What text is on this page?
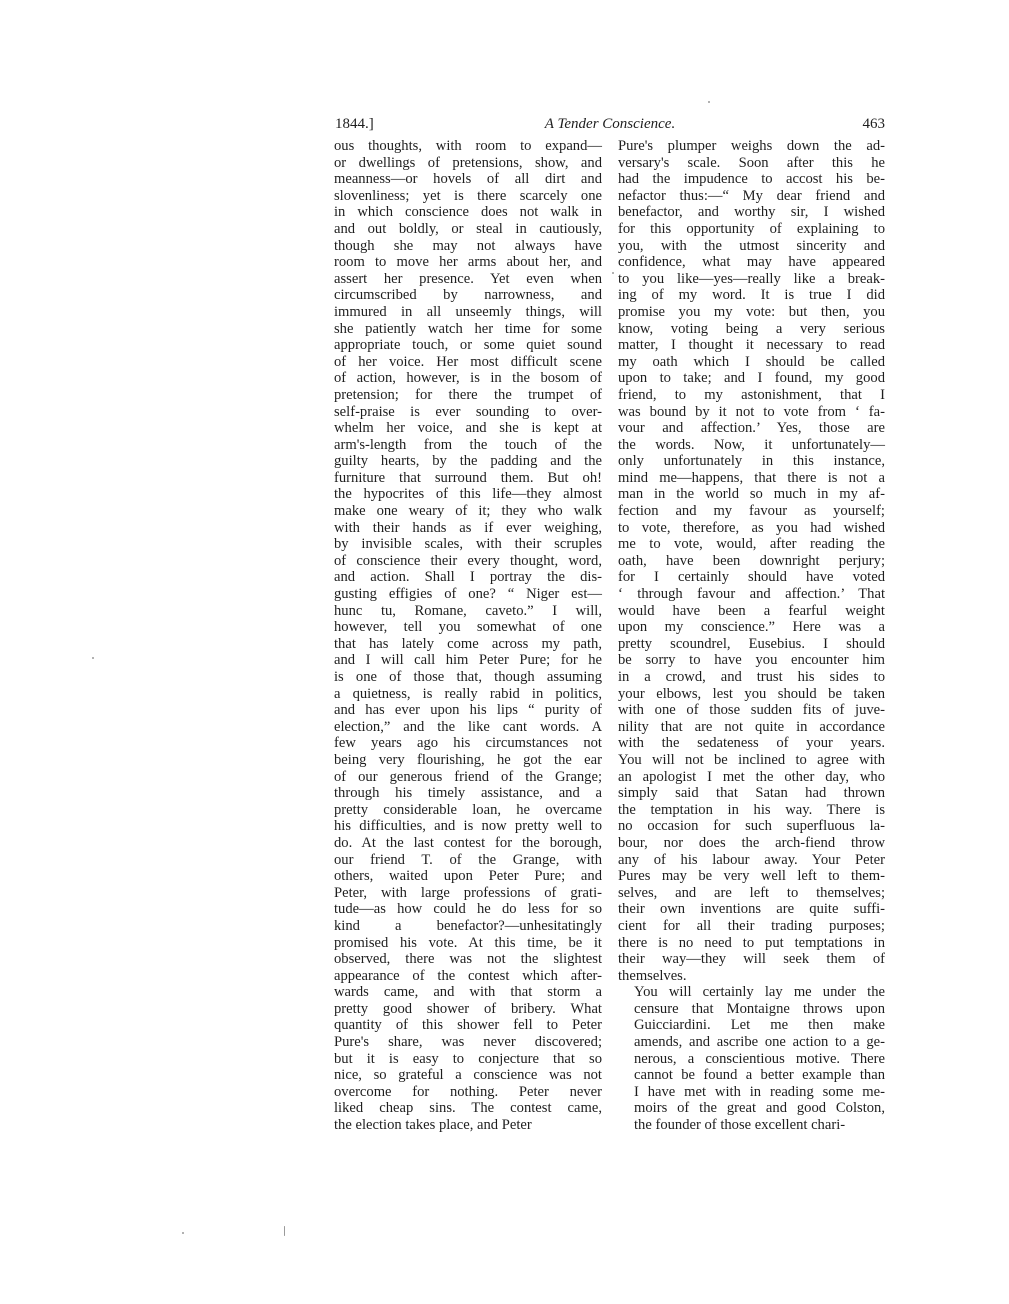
1844.]	A Tender Conscience.	463

ous thoughts, with room to expand—
or dwellings of pretensions, show, and
meanness—or hovels of all dirt and
slovenliness; yet is there scarcely one
in which conscience does not walk in
and out boldly, or steal in cautiously,
though she may not always have
room to move her arms about her, and
assert her presence. Yet even when
circumscribed by narrowness, and
immured in all unseemly things, will
she patiently watch her time for some
appropriate touch, or some quiet sound
of her voice. Her most difficult scene
of action, however, is in the bosom of
pretension; for there the trumpet of
self-praise is ever sounding to over-
whelm her voice, and she is kept at
arm's-length from the touch of the
guilty hearts, by the padding and the
furniture that surround them. But oh!
the hypocrites of this life—they almost
make one weary of it; they who walk
with their hands as if ever weighing,
by invisible scales, with their scruples
of conscience their every thought, word,
and action. Shall I portray the dis-
gusting effigies of one? “ Niger est—
hunc tu, Romane, caveto.” I will,
however, tell you somewhat of one
that has lately come across my path,
and I will call him Peter Pure; for he
is one of those that, though assuming
a quietness, is really rabid in politics,
and has ever upon his lips “ purity of
election,” and the like cant words. A
few years ago his circumstances not
being very flourishing, he got the ear
of our generous friend of the Grange;
through his timely assistance, and a
pretty considerable loan, he overcame
his difficulties, and is now pretty well to
do. At the last contest for the borough,
our friend T. of the Grange, with
others, waited upon Peter Pure; and
Peter, with large professions of grati-
tude—as how could he do less for so
kind a benefactor?—unhesitatingly
promised his vote. At this time, be it
observed, there was not the slightest
appearance of the contest which after-
wards came, and with that storm a
pretty good shower of bribery. What
quantity of this shower fell to Peter
Pure's share, was never discovered;
but it is easy to conjecture that so
nice, so grateful a conscience was not
overcome for nothing. Peter never
liked cheap sins. The contest came,
the election takes place, and Peter

Pure's plumper weighs down the ad-
versary's scale. Soon after this he
had the impudence to accost his be-
nefactor thus:—“ My dear friend and
benefactor, and worthy sir, I wished
for this opportunity of explaining to
you, with the utmost sincerity and
confidence, what may have appeared
to you like—yes—really like a break-
ing of my word. It is true I did
promise you my vote: but then, you
know, voting being a very serious
matter, I thought it necessary to read
my oath which I should be called
upon to take; and I found, my good
friend, to my astonishment, that I
was bound by it not to vote from ‘ fa-
vour and affection.’ Yes, those are
the words. Now, it unfortunately—
only unfortunately in this instance,
mind me—happens, that there is not a
man in the world so much in my af-
fection and my favour as yourself;
to vote, therefore, as you had wished
me to vote, would, after reading the
oath, have been downright perjury;
for I certainly should have voted
‘ through favour and affection.’ That
would have been a fearful weight
upon my conscience.” Here was a
pretty scoundrel, Eusebius. I should
be sorry to have you encounter him
in a crowd, and trust his sides to
your elbows, lest you should be taken
with one of those sudden fits of juve-
nility that are not quite in accordance
with the sedateness of your years.
You will not be inclined to agree with
an apologist I met the other day, who
simply said that Satan had thrown
the temptation in his way. There is
no occasion for such superfluous la-
bour, nor does the arch-fiend throw
any of his labour away. Your Peter
Pures may be very well left to them-
selves, and are left to themselves;
their own inventions are quite suffi-
cient for all their trading purposes;
there is no need to put temptations in
their way—they will seek them of
themselves.

You will certainly lay me under the
censure that Montaigne throws upon
Guicciardini. Let me then make
amends, and ascribe one action to a ge-
nerous, a conscientious motive. There
cannot be found a better example than
I have met with in reading some me-
moirs of the great and good Colston,
the founder of those excellent chari-
